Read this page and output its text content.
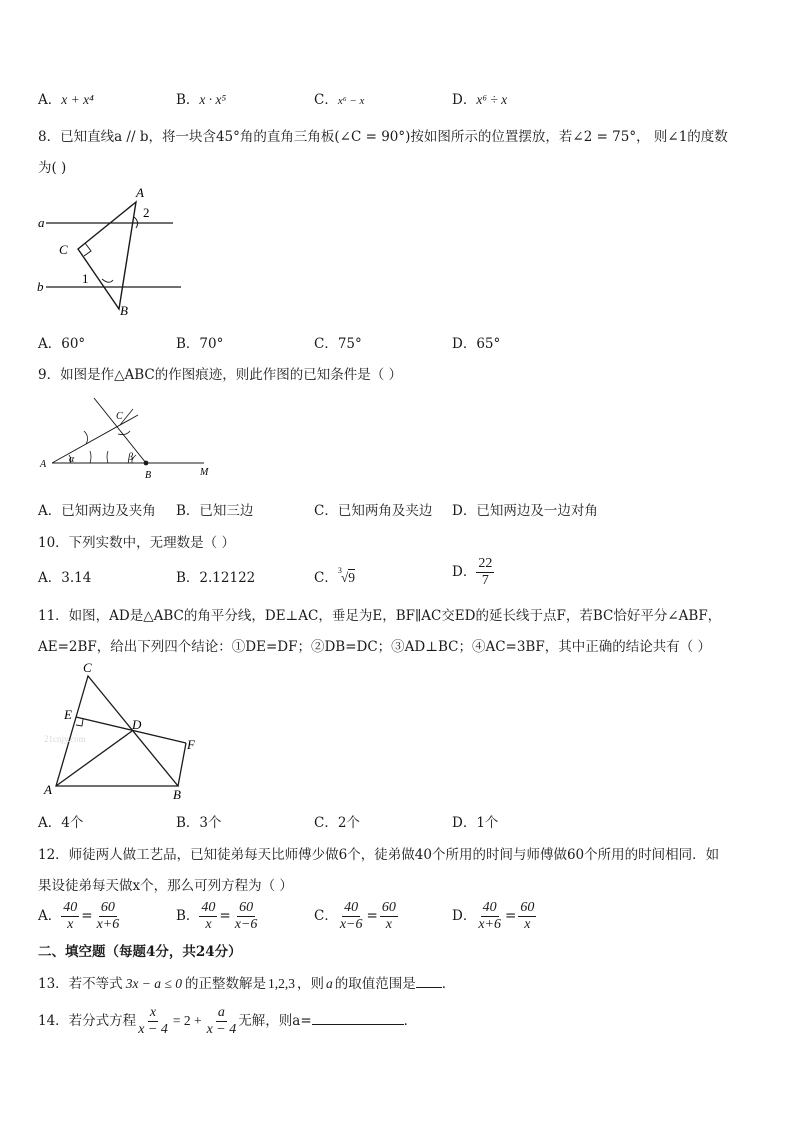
A．x + x⁴	B．x · x⁵	C．x⁶ − x	D．x⁶ ÷ x
8．已知直线a // b，将一块含45°角的直角三角板(∠C = 90°)按如图所示的位置摆放，若∠2 = 75°， 则∠1的度数
为( )
a
b
A
C
B
1
2
A．60°	B．70°	C．75°	D．65°
9．如图是作△ABC的作图痕迹，则此作图的已知条件是（ ）
A
B
C
M
α	β
A．已知两边及夹角 B．已知三边	C．已知两角及夹边 D．已知两边及一边对角
10．下列实数中，无理数是（ ）
A．3.14	B．2.12122	C． 3 √9	D． $\frac{22}{7}$
11．如图，AD是△ABC的角平分线，DE⊥AC，垂足为E，BF∥AC交ED的延长线于点F，若BC恰好平分∠ABF，
AE=2BF，给出下列四个结论：①DE=DF；②DB=DC；③AD⊥BC；④AC=3BF，其中正确的结论共有（ ）
21cnjy.com
C
E
D
F
A	B
A．4个	B．3个	C．2个	D．1个
12．师徒两人做工艺品，已知徒弟每天比师傅少做6个，徒弟做40个所用的时间与师傅做60个所用的时间相同．如
果设徒弟每天做x个，那么可列方程为（ ）
A． $\frac{40}{x} = \frac{60}{x+6}$	B． $\frac{40}{x} = \frac{60}{x-6}$	C． $\frac{40}{x-6} = \frac{60}{x}$	D． $\frac{40}{x+6} = \frac{60}{x}$
二、填空题（每题4分，共24分）
13．若不等式 3x − a ≤ 0 的正整数解是 1,2,3 ，则 a 的取值范围是 ．
14．若分式方程 $\frac{x}{x - 4} = 2 + \frac{a}{x - 4}$ 无解，则a=	．
